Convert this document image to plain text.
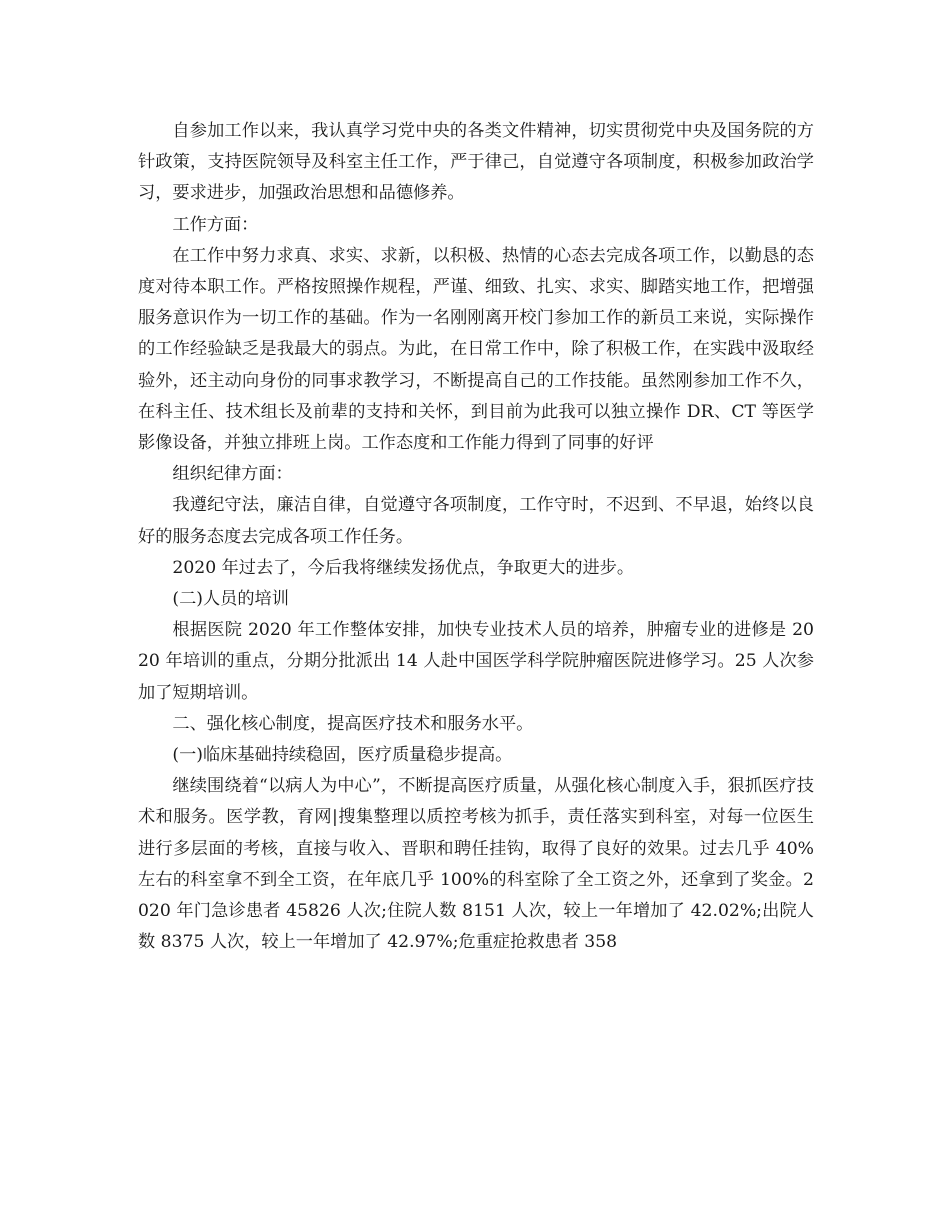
自参加工作以来，我认真学习党中央的各类文件精神，切实贯彻党中央及国务院的方针政策，支持医院领导及科室主任工作，严于律己，自觉遵守各项制度，积极参加政治学习，要求进步，加强政治思想和品德修养。

工作方面：

在工作中努力求真、求实、求新，以积极、热情的心态去完成各项工作，以勤恳的态度对待本职工作。严格按照操作规程，严谨、细致、扎实、求实、脚踏实地工作，把增强服务意识作为一切工作的基础。作为一名刚刚离开校门参加工作的新员工来说，实际操作的工作经验缺乏是我最大的弱点。为此，在日常工作中，除了积极工作，在实践中汲取经验外，还主动向身份的同事求教学习，不断提高自己的工作技能。虽然刚参加工作不久，在科主任、技术组长及前辈的支持和关怀，到目前为此我可以独立操作 DR、CT 等医学影像设备，并独立排班上岗。工作态度和工作能力得到了同事的好评

组织纪律方面：

我遵纪守法，廉洁自律，自觉遵守各项制度，工作守时，不迟到、不早退，始终以良好的服务态度去完成各项工作任务。

2020 年过去了，今后我将继续发扬优点，争取更大的进步。

(二)人员的培训

根据医院 2020 年工作整体安排，加快专业技术人员的培养，肿瘤专业的进修是 2020 年培训的重点，分期分批派出 14 人赴中国医学科学院肿瘤医院进修学习。25 人次参加了短期培训。

二、强化核心制度，提高医疗技术和服务水平。

(一)临床基础持续稳固，医疗质量稳步提高。

继续围绕着“以病人为中心”，不断提高医疗质量，从强化核心制度入手，狠抓医疗技术和服务。医学教，育网|搜集整理以质控考核为抓手，责任落实到科室，对每一位医生进行多层面的考核，直接与收入、晋职和聘任挂钩，取得了良好的效果。过去几乎 40%左右的科室拿不到全工资，在年底几乎 100%的科室除了全工资之外，还拿到了奖金。2020 年门急诊患者 45826 人次;住院人数 8151 人次，较上一年增加了 42.02%;出院人数 8375 人次，较上一年增加了 42.97%;危重症抢救患者 358
